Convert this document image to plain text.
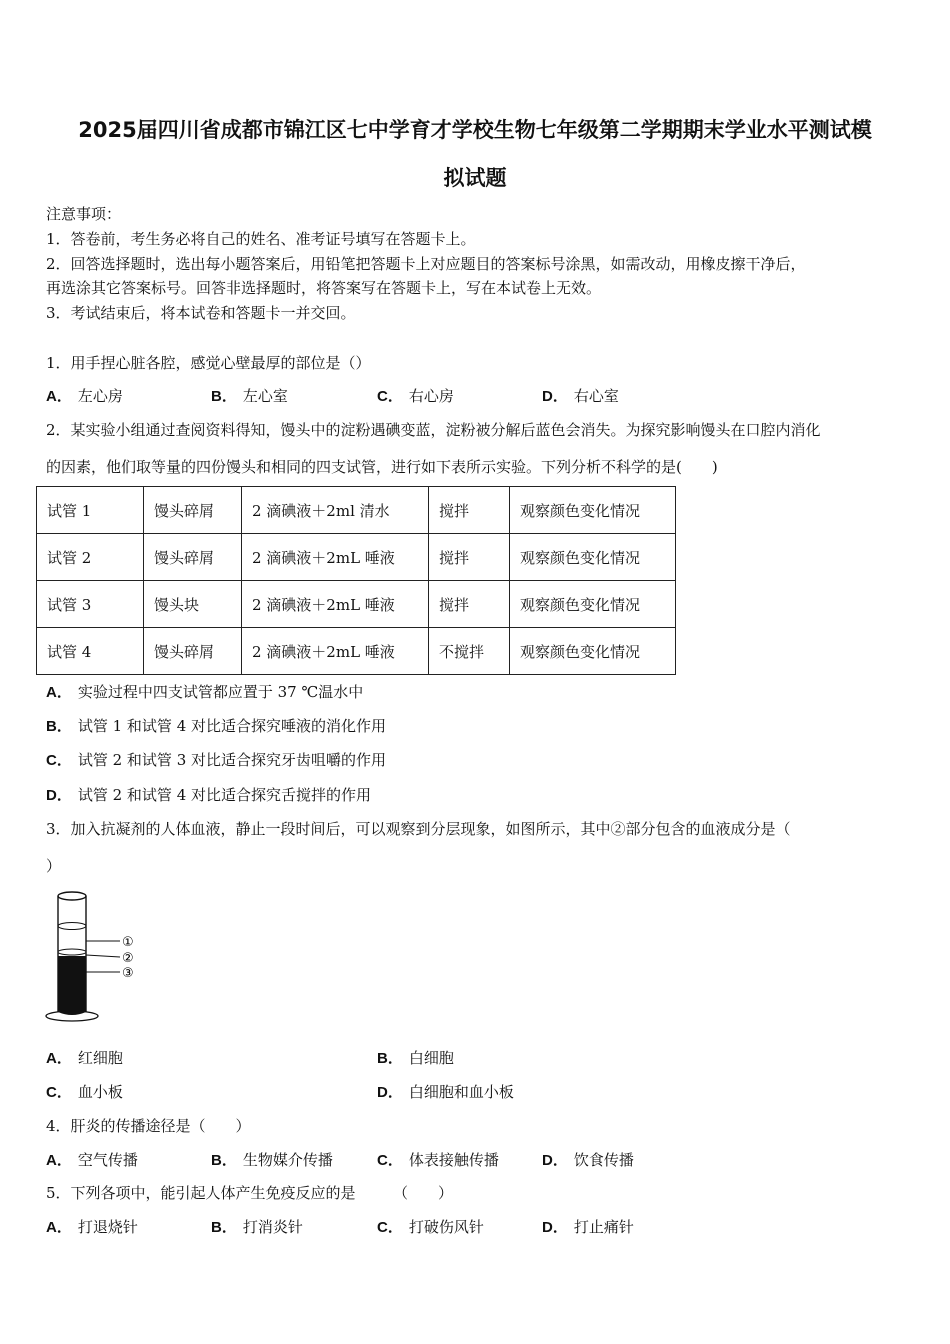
2025届四川省成都市锦江区七中学育才学校生物七年级第二学期期末学业水平测试模
拟试题
注意事项：
1．答卷前，考生务必将自己的姓名、准考证号填写在答题卡上。
2．回答选择题时，选出每小题答案后，用铅笔把答题卡上对应题目的答案标号涂黑，如需改动，用橡皮擦干净后，
再选涂其它答案标号。回答非选择题时，将答案写在答题卡上，写在本试卷上无效。
3．考试结束后，将本试卷和答题卡一并交回。
1．用手捏心脏各腔，感觉心壁最厚的部位是（）
A． 左心房	B． 左心室	C． 右心房	D． 右心室
2．某实验小组通过查阅资料得知，馒头中的淀粉遇碘变蓝，淀粉被分解后蓝色会消失。为探究影响馒头在口腔内消化
的因素，他们取等量的四份馒头和相同的四支试管，进行如下表所示实验。下列分析不科学的是(　　)
试管 1	馒头碎屑	2 滴碘液＋2ml 清水	搅拌	观察颜色变化情况
试管 2	馒头碎屑	2 滴碘液＋2mL 唾液	搅拌	观察颜色变化情况
试管 3	馒头块	2 滴碘液＋2mL 唾液	搅拌	观察颜色变化情况
试管 4	馒头碎屑	2 滴碘液＋2mL 唾液	不搅拌	观察颜色变化情况
A． 实验过程中四支试管都应置于 37 ℃温水中
B． 试管 1 和试管 4 对比适合探究唾液的消化作用
C． 试管 2 和试管 3 对比适合探究牙齿咀嚼的作用
D． 试管 2 和试管 4 对比适合探究舌搅拌的作用
3．加入抗凝剂的人体血液，静止一段时间后，可以观察到分层现象，如图所示，其中②部分包含的血液成分是（
）
①
②
③
A． 红细胞	B． 白细胞
C． 血小板	D． 白细胞和血小板
4．肝炎的传播途径是（　　）
A． 空气传播	B． 生物媒介传播	C． 体表接触传播	D． 饮食传播
5．下列各项中，能引起人体产生免疫反应的是　　　（　　）
A． 打退烧针	B． 打消炎针	C． 打破伤风针	D． 打止痛针
